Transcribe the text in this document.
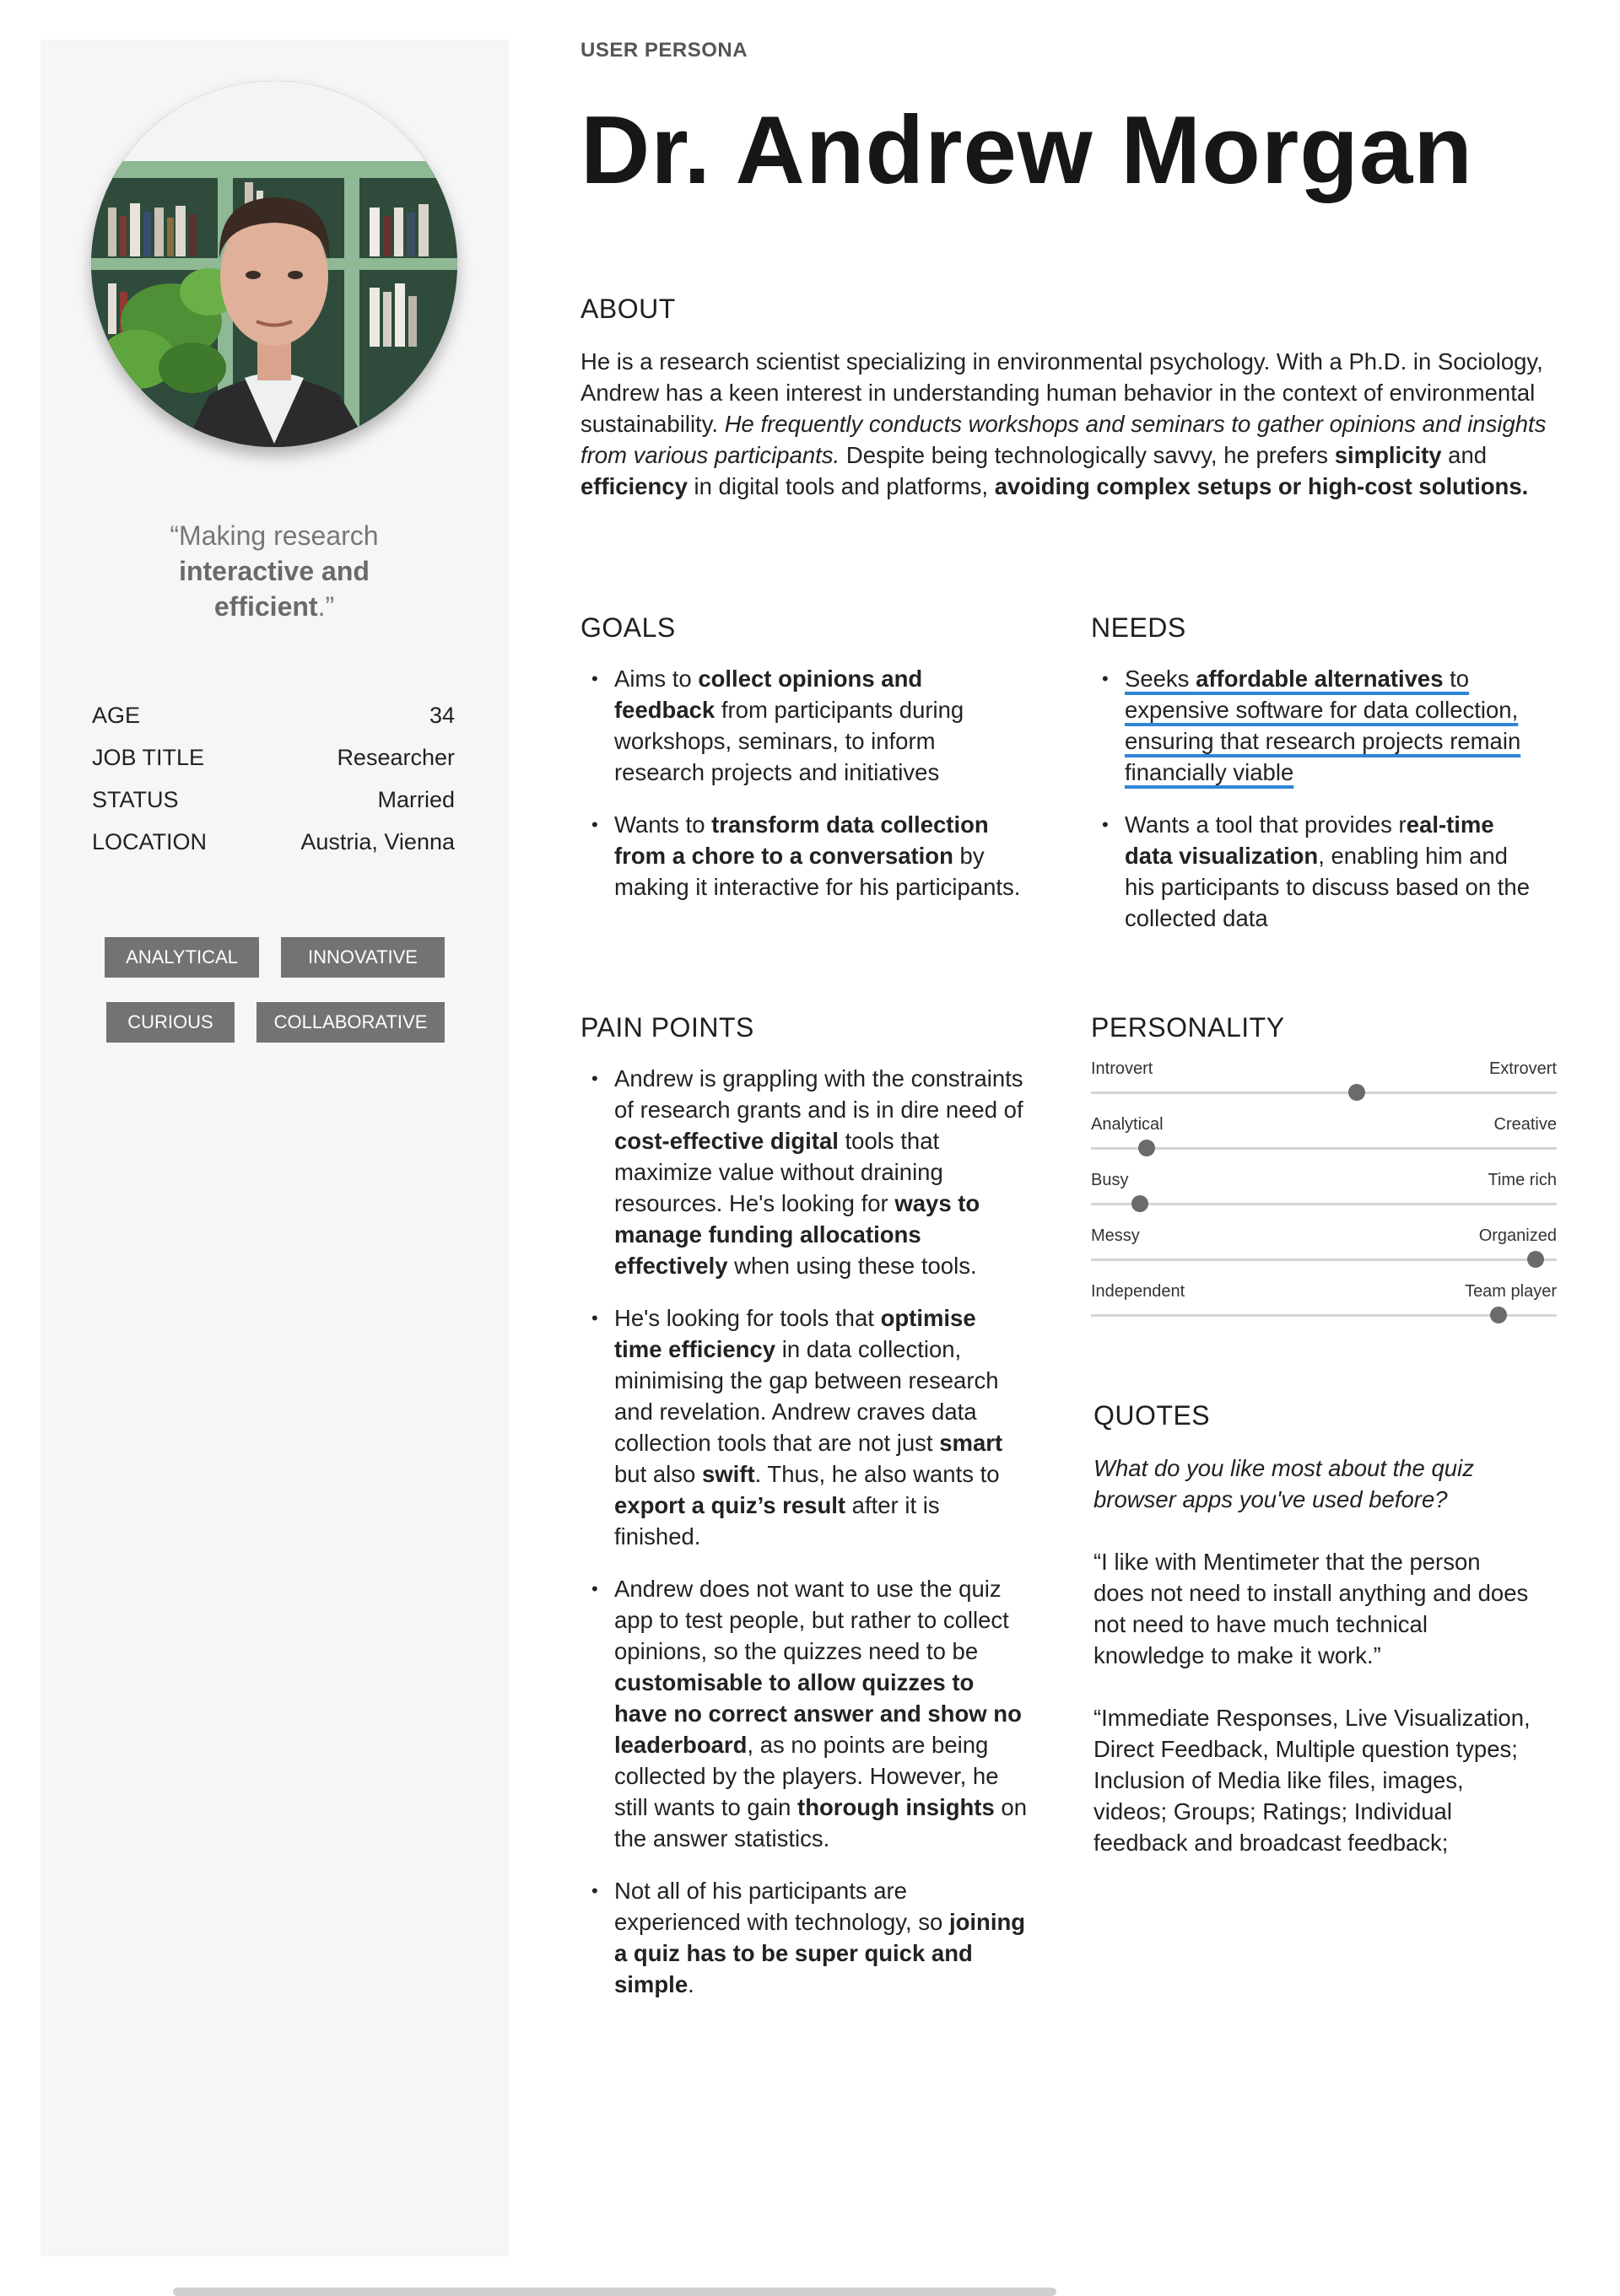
“Making research interactive and efficient.”
AGE	34
JOB TITLE	Researcher
STATUS	Married
LOCATION	Austria, Vienna
ANALYTICAL	INNOVATIVE
CURIOUS	COLLABORATIVE
USER PERSONA
Dr. Andrew Morgan
ABOUT
He is a research scientist specializing in environmental psychology. With a Ph.D. in Sociology, Andrew has a keen interest in understanding human behavior in the context of environmental sustainability. He frequently conducts workshops and seminars to gather opinions and insights from various participants. Despite being technologically savvy, he prefers simplicity and efficiency in digital tools and platforms, avoiding complex setups or high-cost solutions.
GOALS
• Aims to collect opinions and feedback from participants during workshops, seminars, to inform research projects and initiatives
• Wants to transform data collection from a chore to a conversation by making it interactive for his participants.
NEEDS
• Seeks affordable alternatives to expensive software for data collection, ensuring that research projects remain financially viable
• Wants a tool that provides real-time data visualization, enabling him and his participants to discuss based on the collected data
PAIN POINTS
• Andrew is grappling with the constraints of research grants and is in dire need of cost-effective digital tools that maximize value without draining resources. He's looking for ways to manage funding allocations effectively when using these tools.
• He's looking for tools that optimise time efficiency in data collection, minimising the gap between research and revelation. Andrew craves data collection tools that are not just smart but also swift. Thus, he also wants to export a quiz’s result after it is finished.
• Andrew does not want to use the quiz app to test people, but rather to collect opinions, so the quizzes need to be customisable to allow quizzes to have no correct answer and show no leaderboard, as no points are being collected by the players. However, he still wants to gain thorough insights on the answer statistics.
• Not all of his participants are experienced with technology, so joining a quiz has to be super quick and simple.
PERSONALITY
Introvert	Extrovert
Analytical	Creative
Busy	Time rich
Messy	Organized
Independent	Team player
QUOTES
What do you like most about the quiz browser apps you've used before?
“I like with Mentimeter that the person does not need to install anything and does not need to have much technical knowledge to make it work.”
“Immediate Responses, Live Visualization, Direct Feedback, Multiple question types; Inclusion of Media like files, images, videos; Groups; Ratings; Individual feedback and broadcast feedback;
